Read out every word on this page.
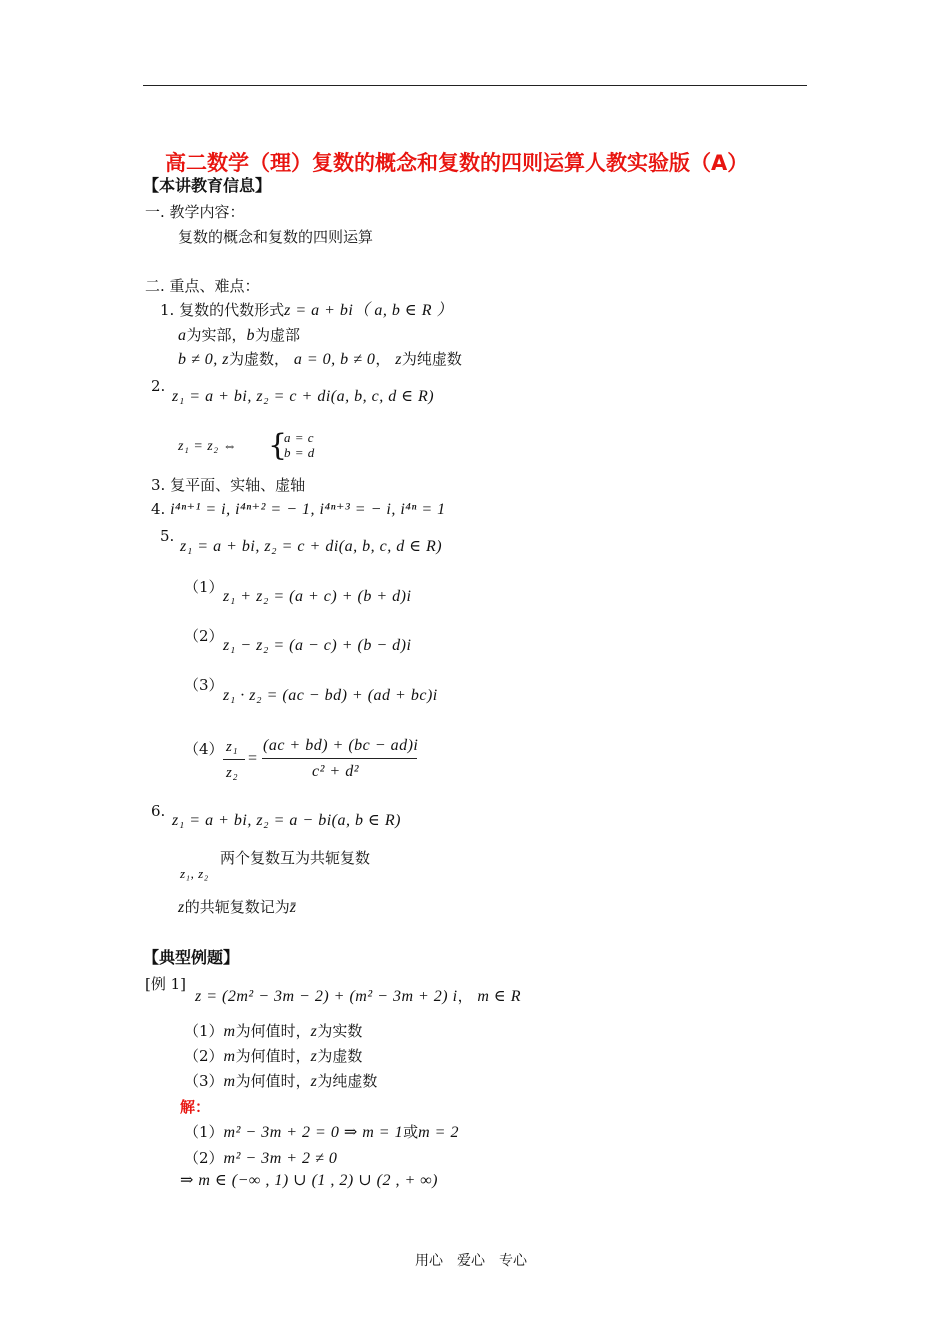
高二数学（理）复数的概念和复数的四则运算人教实验版（A）
【本讲教育信息】
一. 教学内容：
复数的概念和复数的四则运算
二. 重点、难点：
1. 复数的代数形式z = a + bi（ a, b ∈ R ）
a为实部，b为虚部
b ≠ 0, z为虚数， a = 0, b ≠ 0， z为纯虚数
2.
z₁ = a + bi, z₂ = c + di(a, b, c, d ∈ R)
z₁ = z₂ ⇔ {
a = c
b = d
3. 复平面、实轴、虚轴
4. i⁴ⁿ⁺¹ = i, i⁴ⁿ⁺² = − 1, i⁴ⁿ⁺³ = − i, i⁴ⁿ = 1
5.
z₁ = a + bi, z₂ = c + di(a, b, c, d ∈ R)
（1）
z₁ + z₂ = (a + c) + (b + d)i
（2）
z₁ − z₂ = (a − c) + (b − d)i
（3）
z₁ · z₂ = (ac − bd) + (ad + bc)i
（4） z₁
z₂
=
(ac + bd) + (bc − ad)i
c² + d²
6.
z₁ = a + bi, z₂ = a − bi(a, b ∈ R)
两个复数互为共轭复数
z₁, z₂
z的共轭复数记为z̄
【典型例题】
[例 1]
z = (2m² − 3m − 2) + (m² − 3m + 2) i， m ∈ R
（1）m为何值时，z为实数
（2）m为何值时，z为虚数
（3）m为何值时，z为纯虚数
解：
（1）m² − 3m + 2 = 0 ⇒ m = 1或m = 2
（2）m² − 3m + 2 ≠ 0
⇒ m ∈ (−∞ , 1) ∪ (1 , 2) ∪ (2 , + ∞)
用心　爱心　专心
